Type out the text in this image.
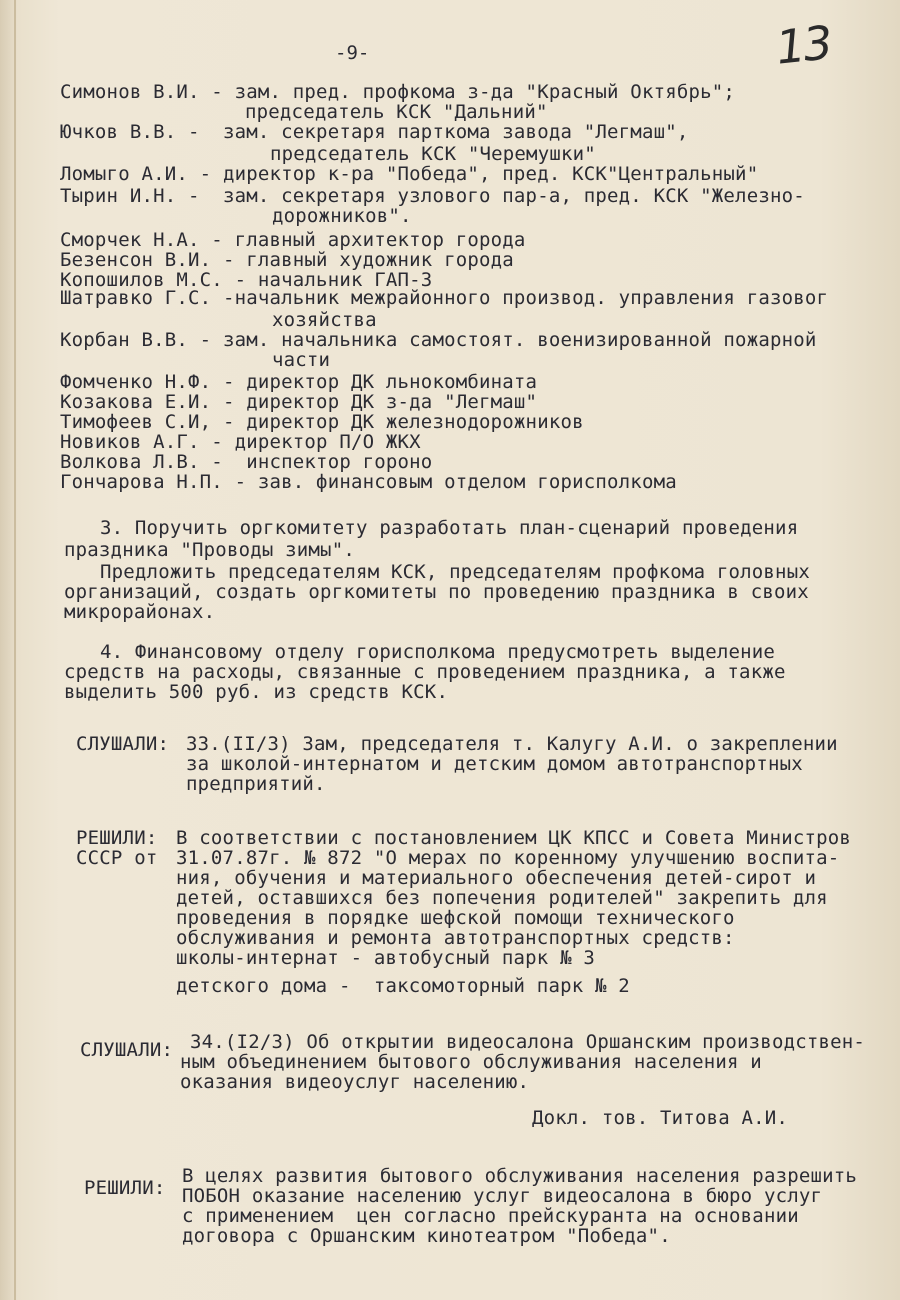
-9-	13
Симонов В.И. - зам. пред. профкома з-да "Красный Октябрь";
председатель КСК "Дальний"
Ючков В.В. -  зам. секретаря парткома завода "Легмаш",
председатель КСК "Черемушки"
Ломыго А.И. - директор к-ра "Победа", пред. КСК"Центральный"
Тырин И.Н. -  зам. секретаря узлового пар-а, пред. КСК "Железно-
дорожников".
Сморчек Н.А. - главный архитектор города
Безенсон В.И. - главный художник города
Копошилов М.С. - начальник ГАП-3
Шатравко Г.С. -начальник межрайонного производ. управления газовог
хозяйства
Корбан В.В. - зам. начальника самостоят. военизированной пожарной
части
Фомченко Н.Ф. - директор ДК льнокомбината
Козакова Е.И. - директор ДК з-да "Легмаш"
Тимофеев С.И, - директор ДК железнодорожников
Новиков А.Г. - директор П/О ЖКХ
Волкова Л.В. -  инспектор гороно
Гончарова Н.П. - зав. финансовым отделом горисполкома
3. Поручить оргкомитету разработать план-сценарий проведения
праздника "Проводы зимы".
Предложить председателям КСК, председателям профкома головных
организаций, создать оргкомитеты по проведению праздника в своих
микрорайонах.
4. Финансовому отделу горисполкома предусмотреть выделение
средств на расходы, связанные с проведением праздника, а также
выделить 500 руб. из средств КСК.
СЛУШАЛИ: 33.(II/3) Зам, председателя т. Калугу А.И. о закреплении
за школой-интернатом и детским домом автотранспортных
предприятий.
РЕШИЛИ: В соответствии с постановлением ЦК КПСС и Совета Министров
СССР от 31.07.87г. № 872 "О мерах по коренному улучшению воспита-
ния, обучения и материального обеспечения детей-сирот и
детей, оставшихся без попечения родителей" закрепить для
проведения в порядке шефской помощи технического
обслуживания и ремонта автотранспортных средств:
школы-интернат - автобусный парк № 3
детского дома -  таксомоторный парк № 2
СЛУШАЛИ: 34.(I2/3) Об открытии видеосалона Оршанским производствен-
ным объединением бытового обслуживания населения и
оказания видеоуслуг населению.
Докл. тов. Титова А.И.
РЕШИЛИ:
В целях развития бытового обслуживания населения разрешить
ПОБОН оказание населению услуг видеосалона в бюро услуг
с применением  цен согласно прейскуранта на основании
договора с Оршанским кинотеатром "Победа".
